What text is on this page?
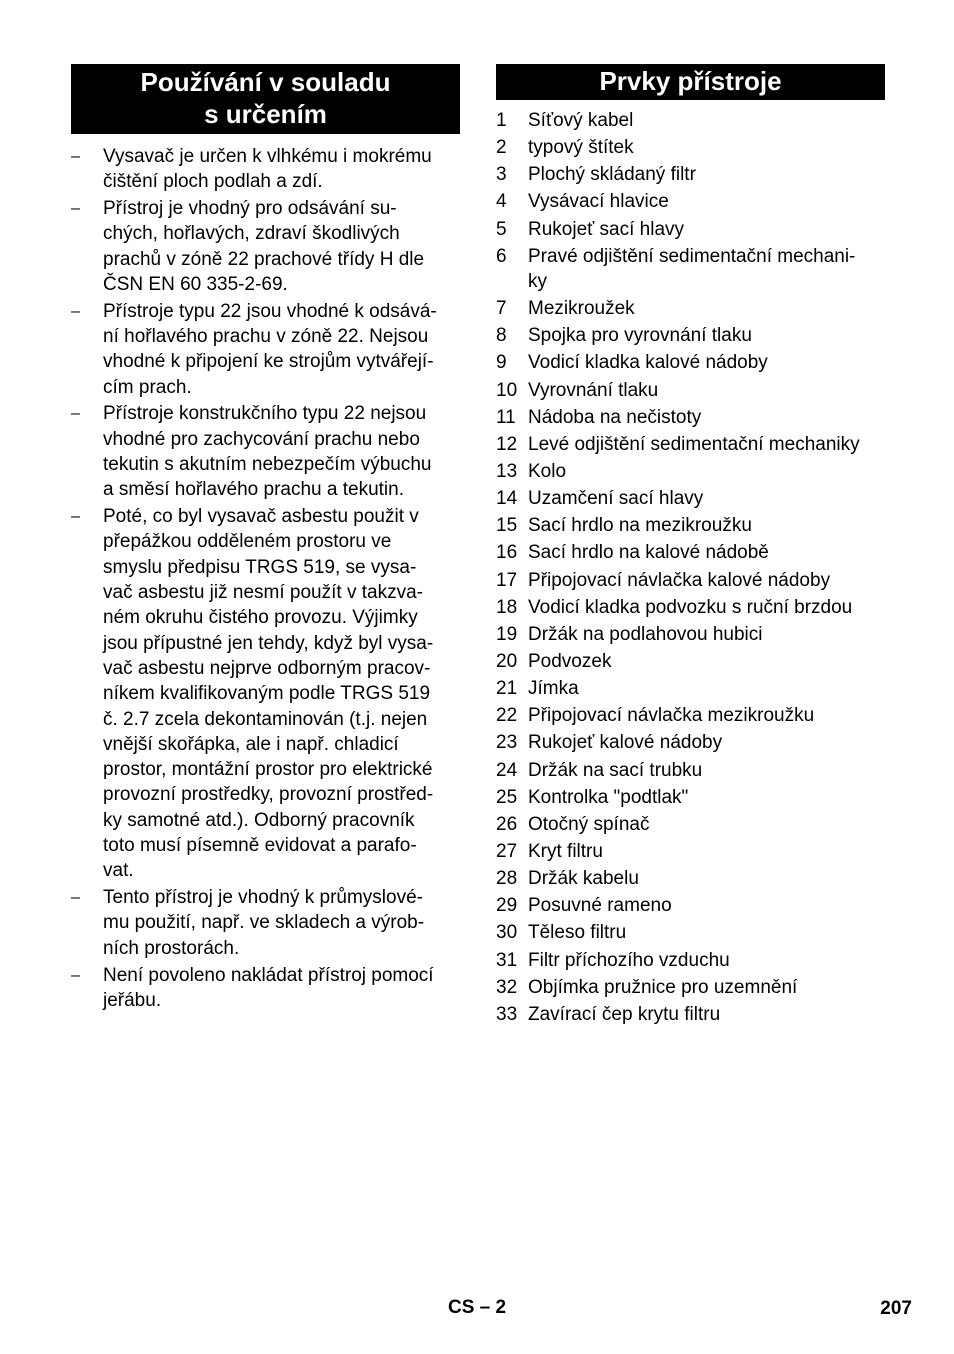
Používání v souladu
s určením
– Vysavač je určen k vlhkému i mokrému
čištění ploch podlah a zdí.
– Přístroj je vhodný pro odsávání su-
chých, hořlavých, zdraví škodlivých
prachů v zóně 22 prachové třídy H dle
ČSN EN 60 335-2-69.
– Přístroje typu 22 jsou vhodné k odsává-
ní hořlavého prachu v zóně 22. Nejsou
vhodné k připojení ke strojům vytvářejí-
cím prach.
– Přístroje konstrukčního typu 22 nejsou
vhodné pro zachycování prachu nebo
tekutin s akutním nebezpečím výbuchu
a směsí hořlavého prachu a tekutin.
– Poté, co byl vysavač asbestu použit v
přepážkou odděleném prostoru ve
smyslu předpisu TRGS 519, se vysa-
vač asbestu již nesmí použít v takzva-
ném okruhu čistého provozu. Výjimky
jsou přípustné jen tehdy, když byl vysa-
vač asbestu nejprve odborným pracov-
níkem kvalifikovaným podle TRGS 519
č. 2.7 zcela dekontaminován (t.j. nejen
vnější skořápka, ale i např. chladicí
prostor, montážní prostor pro elektrické
provozní prostředky, provozní prostřed-
ky samotné atd.). Odborný pracovník
toto musí písemně evidovat a parafo-
vat.
– Tento přístroj je vhodný k průmyslové-
mu použití, např. ve skladech a výrob-
ních prostorách.
– Není povoleno nakládat přístroj pomocí
jeřábu.
Prvky přístroje
1 Síťový kabel
2 typový štítek
3 Plochý skládaný filtr
4 Vysávací hlavice
5 Rukojeť sací hlavy
6 Pravé odjištění sedimentační mechani-
ky
7 Mezikroužek
8 Spojka pro vyrovnání tlaku
9 Vodicí kladka kalové nádoby
10 Vyrovnání tlaku
11 Nádoba na nečistoty
12 Levé odjištění sedimentační mechaniky
13 Kolo
14 Uzamčení sací hlavy
15 Sací hrdlo na mezikroužku
16 Sací hrdlo na kalové nádobě
17 Připojovací návlačka kalové nádoby
18 Vodicí kladka podvozku s ruční brzdou
19 Držák na podlahovou hubici
20 Podvozek
21 Jímka
22 Připojovací návlačka mezikroužku
23 Rukojeť kalové nádoby
24 Držák na sací trubku
25 Kontrolka "podtlak"
26 Otočný spínač
27 Kryt filtru
28 Držák kabelu
29 Posuvné rameno
30 Těleso filtru
31 Filtr příchozího vzduchu
32 Objímka pružnice pro uzemnění
33 Zavírací čep krytu filtru
CS – 2	207
